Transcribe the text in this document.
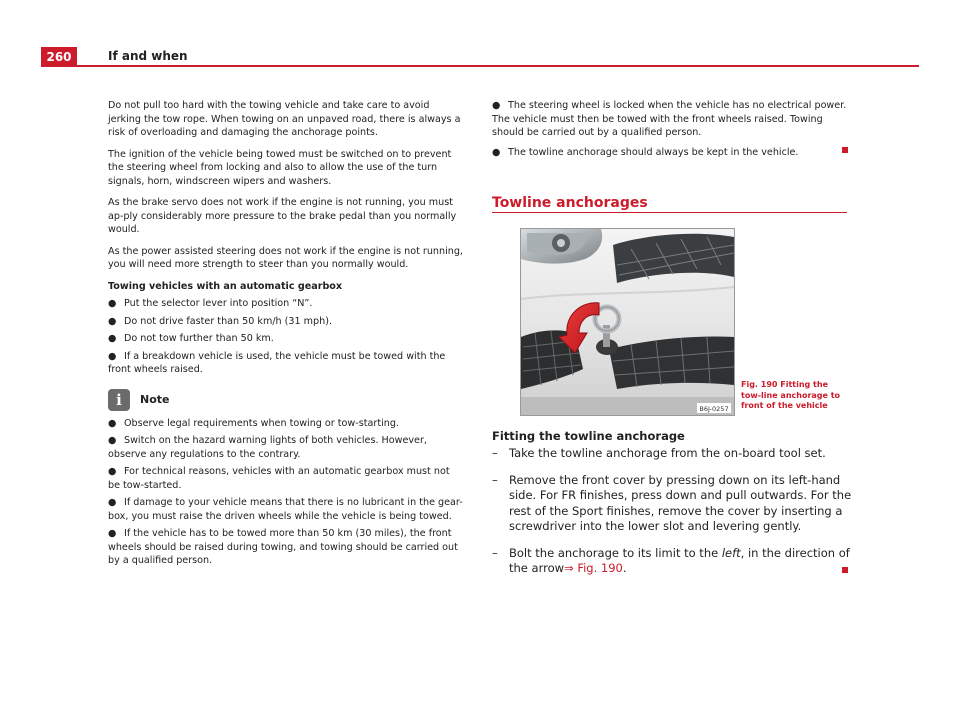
260	If and when

Do not pull too hard with the towing vehicle and take care to avoid jerking the tow rope. When towing on an unpaved road, there is always a risk of overloading and damaging the anchorage points.

The ignition of the vehicle being towed must be switched on to prevent the steering wheel from locking and also to allow the use of the turn signals, horn, windscreen wipers and washers.

As the brake servo does not work if the engine is not running, you must ap-ply considerably more pressure to the brake pedal than you normally would.

As the power assisted steering does not work if the engine is not running, you will need more strength to steer than you normally would.

Towing vehicles with an automatic gearbox
● Put the selector lever into position “N”.
● Do not drive faster than 50 km/h (31 mph).
● Do not tow further than 50 km.
● If a breakdown vehicle is used, the vehicle must be towed with the front wheels raised.
i	Note
● Observe legal requirements when towing or tow-starting.
● Switch on the hazard warning lights of both vehicles. However, observe any regulations to the contrary.
● For technical reasons, vehicles with an automatic gearbox must not be tow-started.
● If damage to your vehicle means that there is no lubricant in the gear-box, you must raise the driven wheels while the vehicle is being towed.
● If the vehicle has to be towed more than 50 km (30 miles), the front wheels should be raised during towing, and towing should be carried out by a qualified person.
● The steering wheel is locked when the vehicle has no electrical power. The vehicle must then be towed with the front wheels raised. Towing should be carried out by a qualified person.
● The towline anchorage should always be kept in the vehicle.
Towline anchorages
B6J-0257
Fig. 190 Fitting the tow-line anchorage to front of the vehicle
Fitting the towline anchorage
– Take the towline anchorage from the on-board tool set.
– Remove the front cover by pressing down on its left-hand side. For FR finishes, press down and pull outwards. For the rest of the Sport finishes, remove the cover by inserting a screwdriver into the lower slot and levering gently.
– Bolt the anchorage to its limit to the left, in the direction of the arrow⇒ Fig. 190.
